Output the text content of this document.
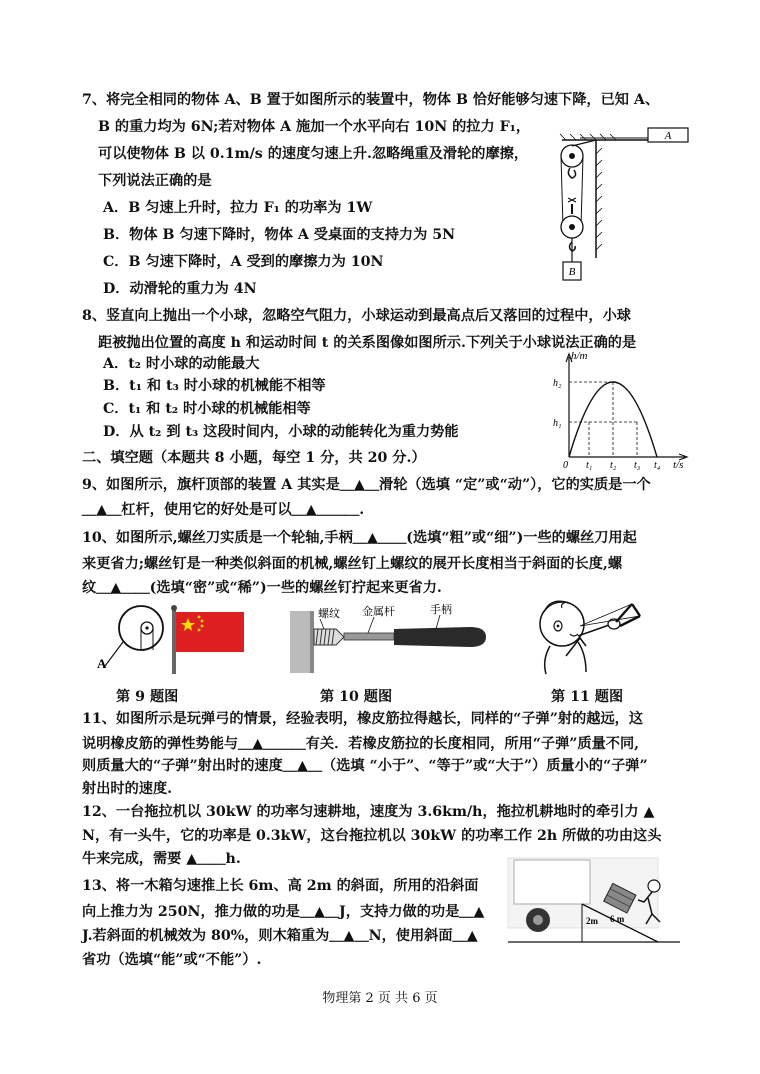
7、将完全相同的物体 A、B 置于如图所示的装置中，物体 B 恰好能够匀速下降，已知 A、
B 的重力均为 6N;若对物体 A 施加一个水平向右 10N 的拉力 F₁，
可以使物体 B 以 0.1m/s 的速度匀速上升.忽略绳重及滑轮的摩擦，
下列说法正确的是
A．B 匀速上升时，拉力 F₁ 的功率为 1W
B．物体 B 匀速下降时，物体 A 受桌面的支持力为 5N
C．B 匀速下降时，A 受到的摩擦力为 10N
D．动滑轮的重力为 4N
A
B
8、竖直向上抛出一个小球，忽略空气阻力，小球运动到最高点后又落回的过程中，小球
距被抛出位置的高度 h 和运动时间 t 的关系图像如图所示.下列关于小球说法正确的是
A．t₂ 时小球的动能最大
B．t₁ 和 t₃ 时小球的机械能不相等
C．t₁ 和 t₂ 时小球的机械能相等
D．从 t₂ 到 t₃ 这段时间内，小球的动能转化为重力势能
h/m
t/s
0 t₁ t₂ t₃ t₄
h₁
h₂
二、填空题（本题共 8 小题，每空 1 分，共 20 分.）
9、如图所示，旗杆顶部的装置 A 其实是＿▲＿滑轮（选填 “定”或“动”），它的实质是一个
＿▲＿杠杆，使用它的好处是可以＿▲＿＿＿.
10、如图所示,螺丝刀实质是一个轮轴,手柄＿▲＿＿(选填“粗”或“细”)一些的螺丝刀用起
来更省力;螺丝钉是一种类似斜面的机械,螺丝钉上螺纹的展开长度相当于斜面的长度,螺
纹＿▲＿＿(选填“密”或“稀”)一些的螺丝钉拧起来更省力.
A
螺纹 金属杆	手柄
第 9 题图	第 10 题图	第 11 题图
11、如图所示是玩弹弓的情景，经验表明，橡皮筋拉得越长，同样的“子弹”射的越远，这
说明橡皮筋的弹性势能与＿▲＿＿＿有关．若橡皮筋拉的长度相同，所用“子弹”质量不同,
则质量大的“子弹”射出时的速度＿▲＿（选填 “小于”、“等于”或“大于”）质量小的“子弹”
射出时的速度.
12、一台拖拉机以 30kW 的功率匀速耕地，速度为 3.6km/h，拖拉机耕地时的牵引力 ▲
N，有一头牛，它的功率是 0.3kW，这台拖拉机以 30kW 的功率工作 2h 所做的功由这头
牛来完成，需要 ▲＿＿h.
13、将一木箱匀速推上长 6m、高 2m 的斜面，所用的沿斜面
向上推力为 250N，推力做的功是＿▲＿J，支持力做的功是＿▲
J.若斜面的机械效为 80%，则木箱重为＿▲＿N，使用斜面＿▲
省功（选填“能”或“不能”）.
2m 6 m
物理第 2 页 共 6 页
